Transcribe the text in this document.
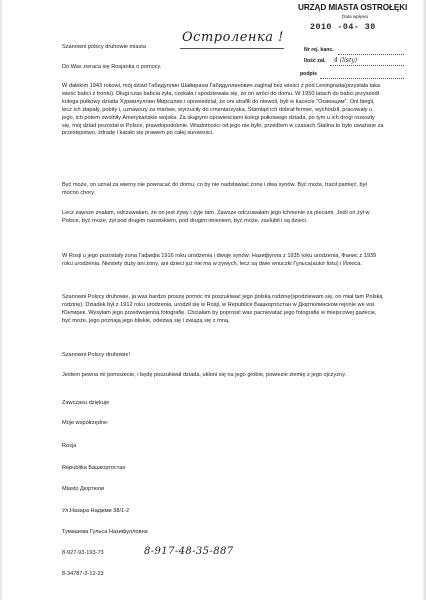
URZĄD MIASTA OSTROŁĘKI
Data wpływu
2010 -04- 30
Nr rej. kanc.
Ilość zał. 4 (listy)
podpis
Szanowni polscy druhowie miasta
Остроленка !
Do Was zwraca się Rosjanka o pomocy.

W dalekim 1943 rokowi, mój dziad Габидуллин Шайирахм Габидуллинович zaginął bez wieści z pod Leningrada(przysłała taka wieść babci z frontu). Długi czas babcia żyła, czekała i spodziewała się, że on wróci do domu. W 1950 latach do babci przyszedł kolega pułkowy dziada Хурмилуллин Мирсалих i opowiedział, że oni utrafili do niewoli, byli w kacecie "Освенцим". Oni biegli, lecz ich złapały, pobity i, uznawszy za martwe, wyrzuciły do cmentarzyska. Stamtąd ich dobrał fermer, wychodził, pracowały u jego, ich potem zwolniły Amerykańskie wojska. Za skąpymi opowieściami kolegi pułkowego dziada, po tym u ich drogi rozeszły się, mój dziad pozostał w Polsce, prawdopodobnie. Wiadomości od jego nie było, przedtem w czasach Stalina to było uważane za przestępstwo, zdradę i karało się prawem po całej surowości.

Być może, on uznał za wierny nie powracać do domu, co by nie nadstawiać żonę i dwa synów. Być może, tracił pamięć, był mocno chory.

Lecz zawsze znałam, odczuwałam, że on jest żywy i żyje tam. Zawsze odczuwałam jego tchnienie za plecami. Jeśli on żył w Polsce, być może, żył pod drugim nazwiskiem, pod drugim imieniem, być może, zaslubił i są dzieci.

W Rosji u jego pozostały żona Гафифа 1916 roku urodzenia i dwoje synów: Назифулла z 1935 roku urodzenia, Фанис z 1939 roku urodzenia. Niestety duży ani żony, ani dzieci już nie ma w żywych, lecz są dwie wnuczki Гульса(autor listu) i Илюса.

Szanowni Polscy druhowie, ja was bardzo proszę pomóc mi poszukiwać jego polską rodzinę(spodziewam się, on miał tam Polską rodzinę). Dziadek był z 1912 roku urodzenia, urodził się w Rosji, w Republice Башкортостан w Дюртюлинском rejonie we wsi Юнтирек. Wysyłam jego przedwojenną fotografię. Chciałam by poprosić was pacnevatać jego fotografię w miejscowej gazecie, być może, jego poznają jego bliskie, odezwą się i zwiążą się z mną.

Szanowni Polscy druhowie!

Jestem pewna mi pomożecie, i będę poszukiwał dziada, ukłoni się na jego grobie, powiezie ziemię z jego ojczyzny.

Zawczasu dziękuje
Moje współrzędne:
Rosja
Republika Башкортостан
Miasto Дюртюли
Ул.Назара Наджми 38/1-2
Тумашева Гульса Назифулловна
8-927-93-193-73	8-917-48-35-887
8-34787-2-12-23
